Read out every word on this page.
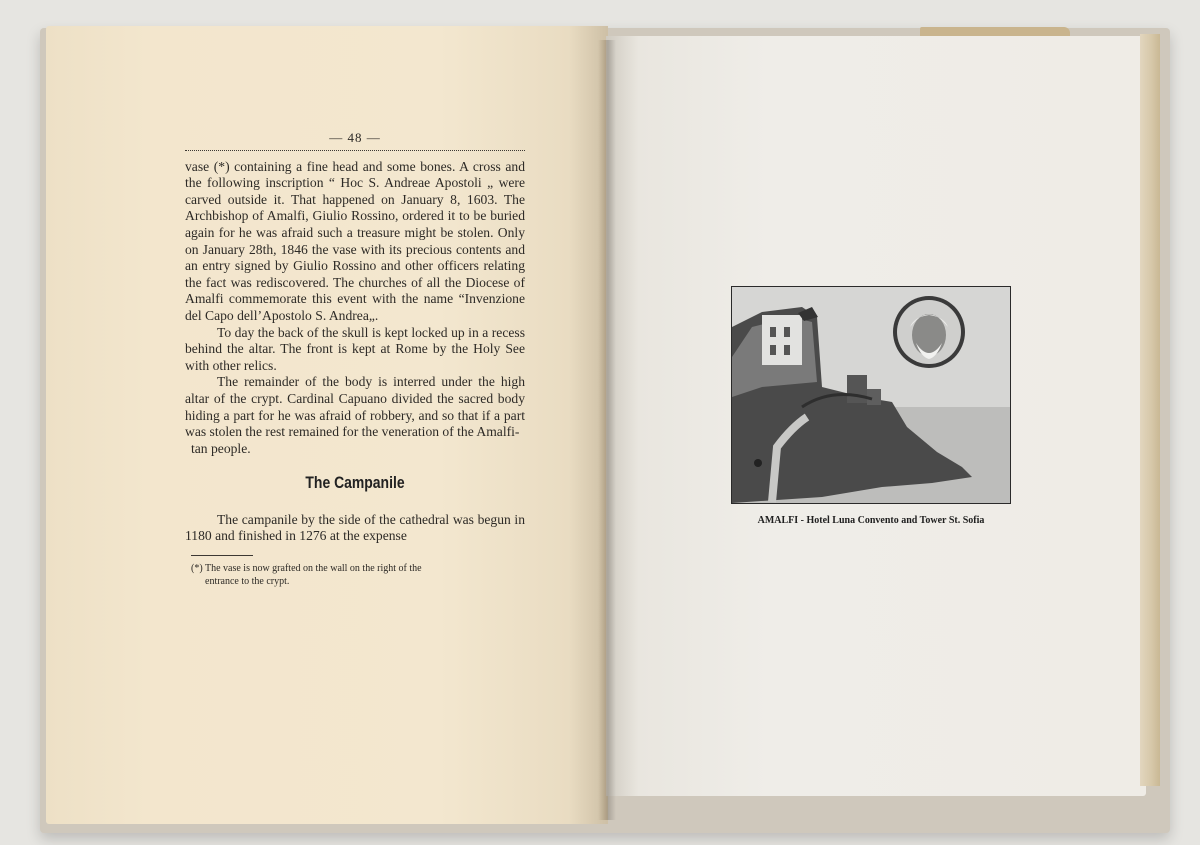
— 48 —

vase (*) containing a fine head and some bones. A cross and the following inscription “ Hoc S. Andreae Apostoli „ were carved outside it. That happened on January 8, 1603. The Archbishop of Amalfi, Giulio Rossino, ordered it to be buried again for he was afraid such a treasure might be stolen. Only on January 28th, 1846 the vase with its precious contents and an entry signed by Giulio Rossino and other officers relating the fact was rediscovered. The churches of all the Diocese of Amalfi commemorate this event with the name “Invenzione del Capo dell’Apostolo S. Andrea„.

To day the back of the skull is kept locked up in a recess behind the altar. The front is kept at Rome by the Holy See with other relics.

The remainder of the body is interred under the high altar of the crypt. Cardinal Capuano divided the sacred body hiding a part for he was afraid of robbery, and so that if a part was stolen the rest remained for the veneration of the Amalfi-

tan people.
The Campanile

The campanile by the side of the cathedral was begun in 1180 and finished in 1276 at the expense

(*) The vase is now grafted on the wall on the right of the
entrance to the crypt.

AMALFI - Hotel Luna Convento and Tower St. Sofia
